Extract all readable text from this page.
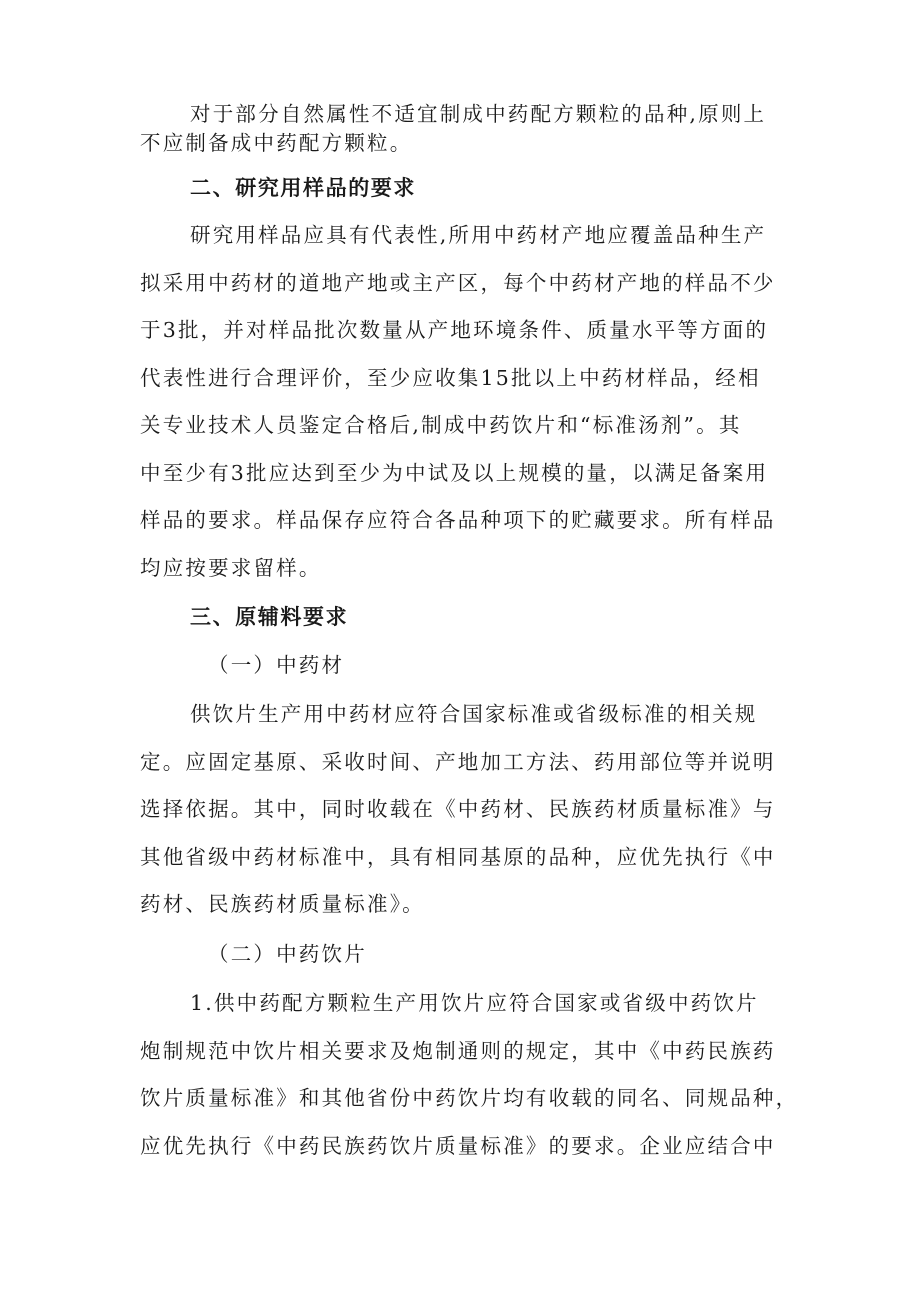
对于部分自然属性不适宜制成中药配方颗粒的品种,原则上
不应制备成中药配方颗粒。
二、研究用样品的要求
研究用样品应具有代表性,所用中药材产地应覆盖品种生产
拟采用中药材的道地产地或主产区，每个中药材产地的样品不少
于3批，并对样品批次数量从产地环境条件、质量水平等方面的
代表性进行合理评价，至少应收集15批以上中药材样品，经相
关专业技术人员鉴定合格后,制成中药饮片和“标准汤剂”。其
中至少有3批应达到至少为中试及以上规模的量，以满足备案用
样品的要求。样品保存应符合各品种项下的贮藏要求。所有样品
均应按要求留样。
三、原辅料要求
（一）中药材
供饮片生产用中药材应符合国家标准或省级标准的相关规
定。应固定基原、采收时间、产地加工方法、药用部位等并说明
选择依据。其中，同时收载在《中药材、民族药材质量标准》与
其他省级中药材标准中，具有相同基原的品种，应优先执行《中
药材、民族药材质量标准》。
（二）中药饮片
1.供中药配方颗粒生产用饮片应符合国家或省级中药饮片
炮制规范中饮片相关要求及炮制通则的规定，其中《中药民族药
饮片质量标准》和其他省份中药饮片均有收载的同名、同规品种，
应优先执行《中药民族药饮片质量标准》的要求。企业应结合中
